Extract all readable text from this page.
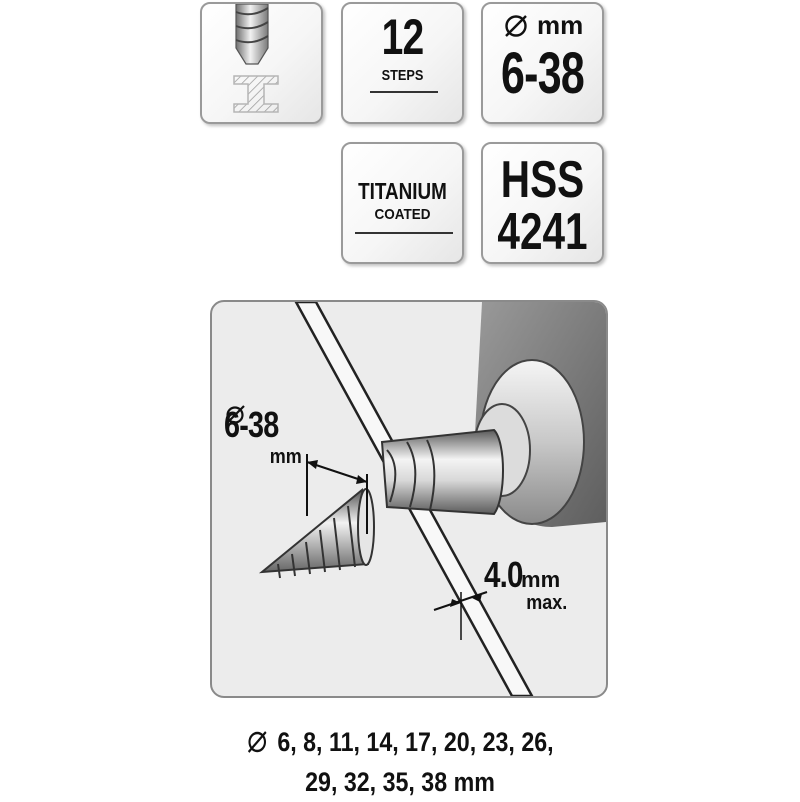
12
STEPS
mm
6-38
TITANIUM
COATED
HSS
4241
6-38
mm
4.0
mm
max.
6, 8, 11, 14, 17, 20, 23, 26,
29, 32, 35, 38 mm
